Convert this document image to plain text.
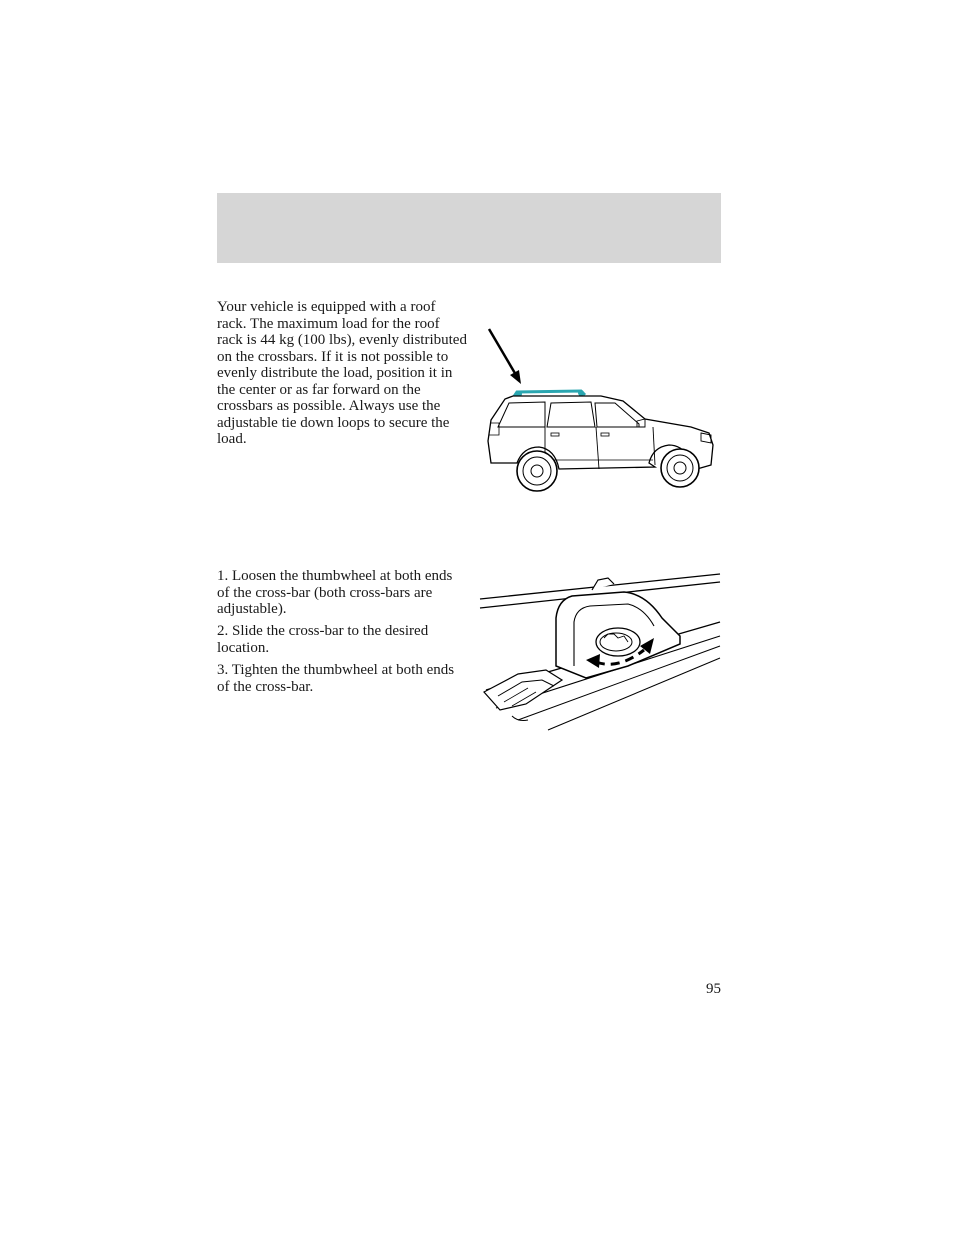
Your vehicle is equipped with a roof rack. The maximum load for the roof rack is 44 kg (100 lbs), evenly distributed on the crossbars. If it is not possible to evenly distribute the load, position it in the center or as far forward on the crossbars as possible. Always use the adjustable tie down loops to secure the load.

1. Loosen the thumbwheel at both ends of the cross-bar (both cross-bars are adjustable).

2. Slide the cross-bar to the desired location.

3. Tighten the thumbwheel at both ends of the cross-bar.

95
